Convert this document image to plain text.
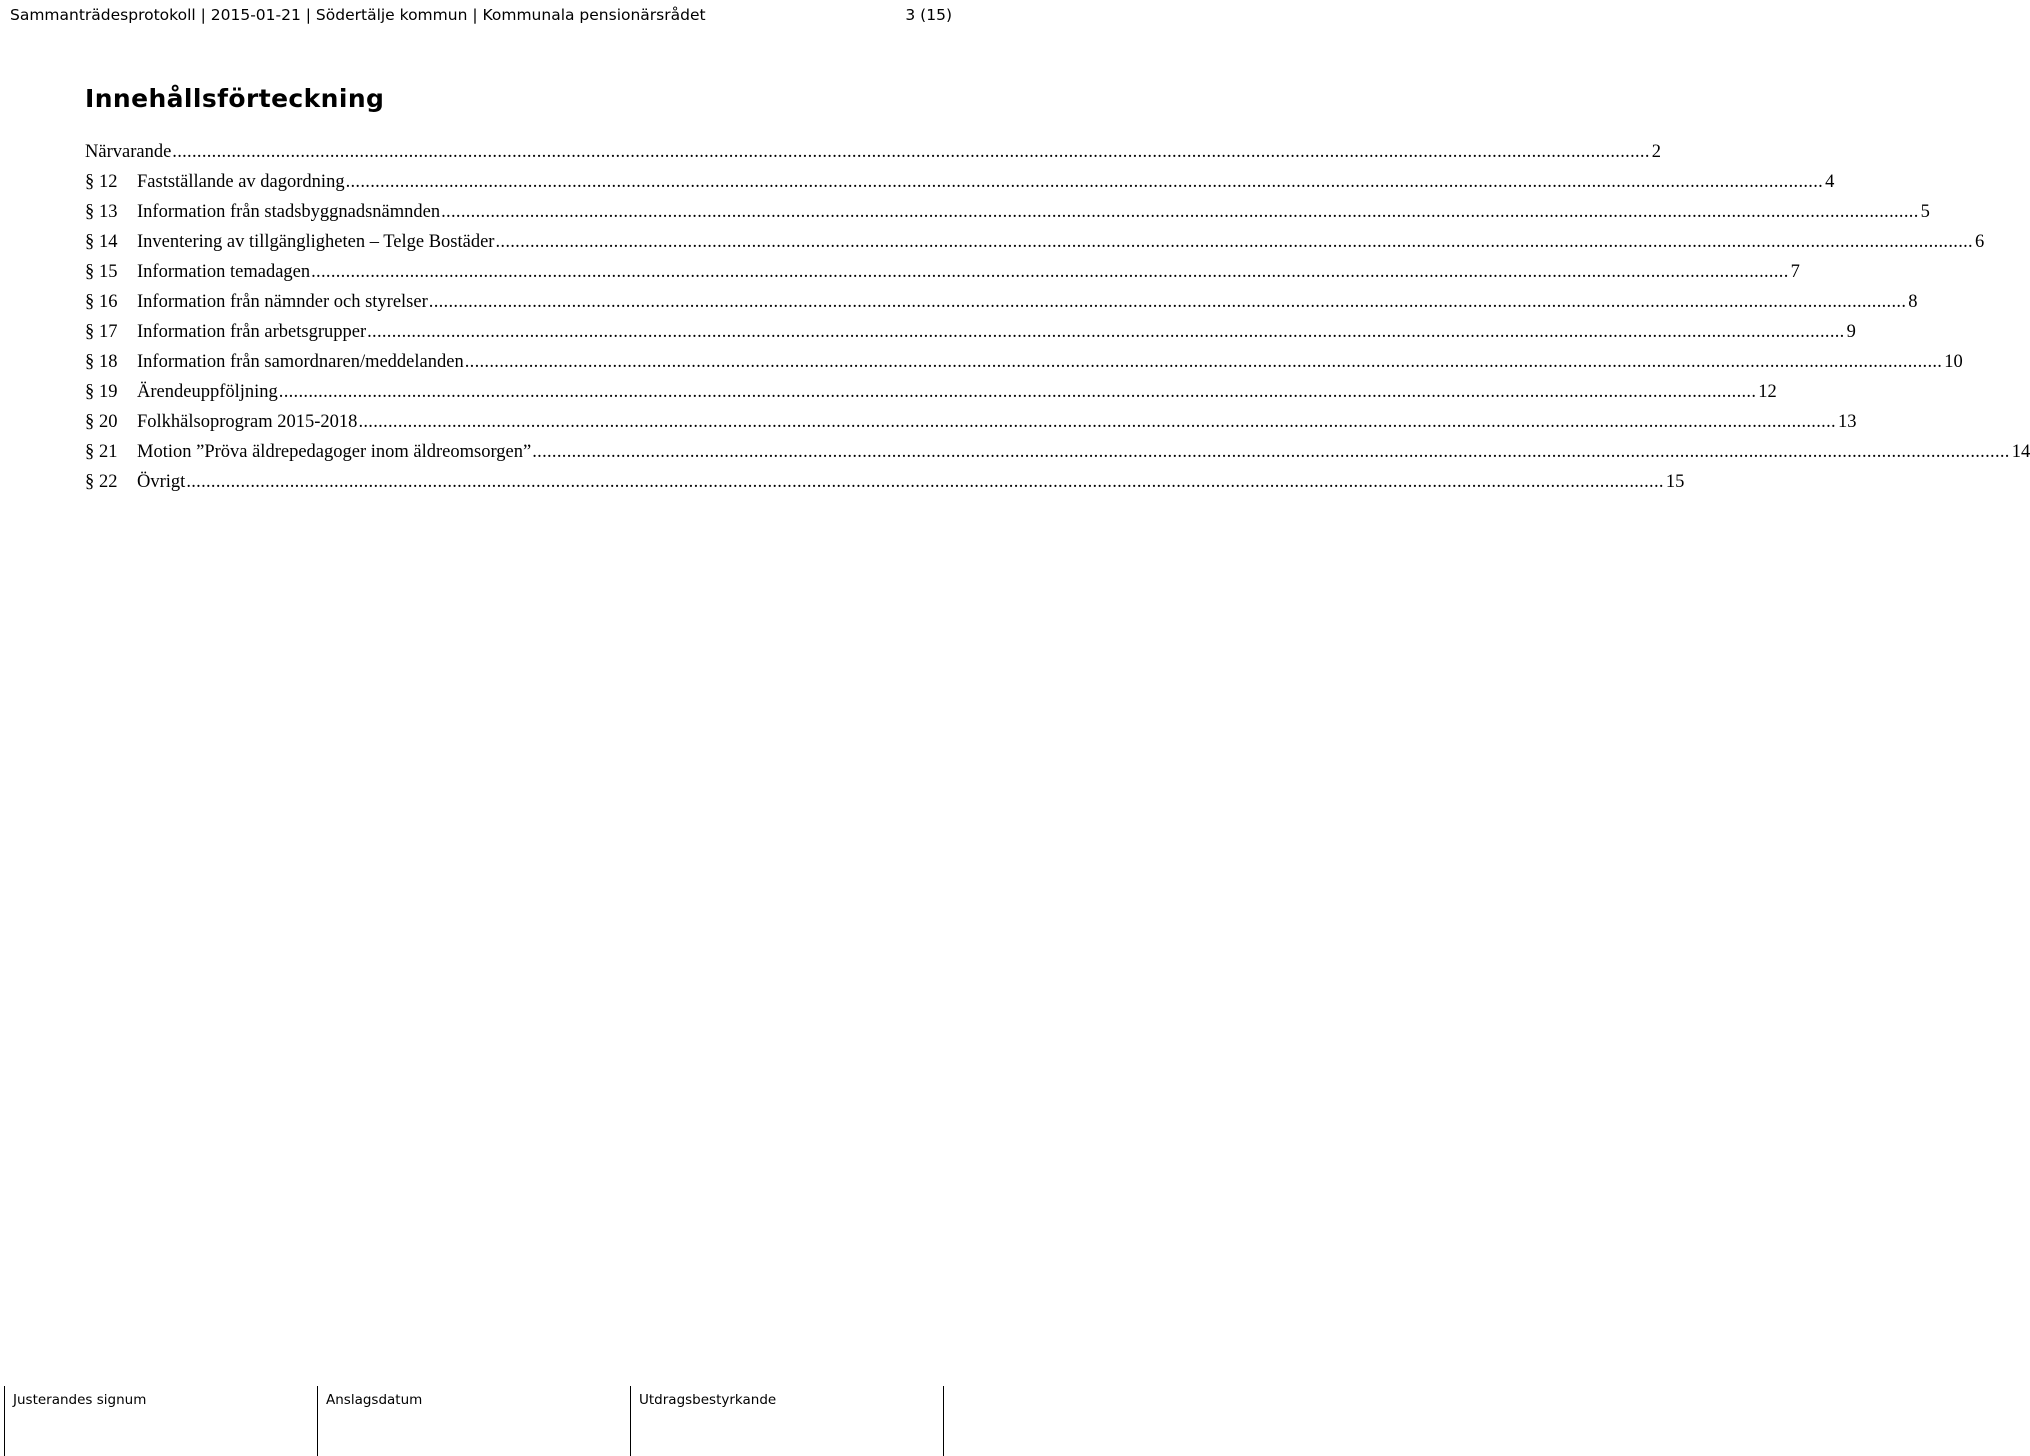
Sammanträdesprotokoll | 2015-01-21 | Södertälje kommun | Kommunala pensionärsrådet	3 (15)
Innehållsförteckning
Närvarande ............................................................................................................................................................................................................................................................................................................ 2
§ 12	Fastställande av dagordning ............................................................................................................................................................................................................................................................................................................ 4
§ 13	Information från stadsbyggnadsnämnden ............................................................................................................................................................................................................................................................................................................ 5
§ 14	Inventering av tillgängligheten – Telge Bostäder ............................................................................................................................................................................................................................................................................................................ 6
§ 15	Information temadagen ............................................................................................................................................................................................................................................................................................................ 7
§ 16	Information från nämnder och styrelser ............................................................................................................................................................................................................................................................................................................ 8
§ 17	Information från arbetsgrupper ............................................................................................................................................................................................................................................................................................................ 9
§ 18	Information från samordnaren/meddelanden ............................................................................................................................................................................................................................................................................................................ 10
§ 19	Ärendeuppföljning ............................................................................................................................................................................................................................................................................................................ 12
§ 20	Folkhälsoprogram 2015-2018 ............................................................................................................................................................................................................................................................................................................ 13
§ 21	Motion ”Pröva äldrepedagoger inom äldreomsorgen” ............................................................................................................................................................................................................................................................................................................ 14
§ 22	Övrigt ............................................................................................................................................................................................................................................................................................................ 15
Justerandes signum	Anslagsdatum	Utdragsbestyrkande
